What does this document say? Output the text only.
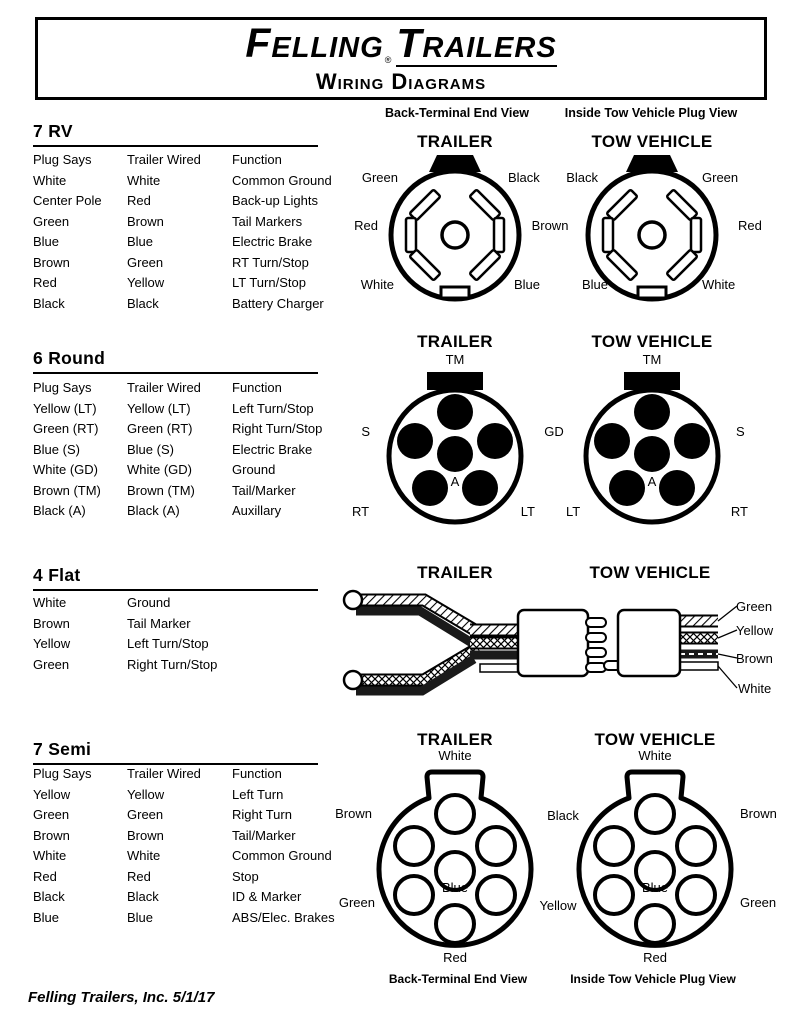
Felling ® Trailers
Wiring Diagrams
Back-Terminal End View	Inside Tow Vehicle Plug View
7 RV
Plug Says	Trailer Wired	Function
White	White	Common Ground
Center Pole	Red	Back-up Lights
Green	Brown	Tail Markers
Blue	Blue	Electric Brake
Brown	Green	RT Turn/Stop
Red	Yellow	LT Turn/Stop
Black	Black	Battery Charger
TRAILER	TOW VEHICLE
Green	Black
Red	Brown
White	Blue
Black	Green
Red
Blue	White
6 Round
Plug Says	Trailer Wired	Function
Yellow (LT)	Yellow (LT)	Left Turn/Stop
Green (RT)	Green (RT)	Right Turn/Stop
Blue (S)	Blue (S)	Electric Brake
White (GD)	White (GD)	Ground
Brown (TM)	Brown (TM)	Tail/Marker
Black (A)	Black (A)	Auxillary
TRAILER	TOW VEHICLE
TM	TM
S	GD	S
A	A
RT	LT LT	RT
4 Flat
White	Ground
Brown	Tail Marker
Yellow	Left Turn/Stop
Green	Right Turn/Stop
TRAILER	TOW VEHICLE
Green
Yellow
Brown
White
7 Semi
Plug Says	Trailer Wired	Function
Yellow	Yellow	Left Turn
Green	Green	Right Turn
Brown	Brown	Tail/Marker
White	White	Common Ground
Red	Red	Stop
Black	Black	ID & Marker
Blue	Blue	ABS/Elec. Brakes
TRAILER	TOW VEHICLE
White	White
Brown	Black	Brown
Green	Yellow	Green
Blue	Blue
Red	Red
Back-Terminal End View	Inside Tow Vehicle Plug View
Felling Trailers, Inc. 5/1/17
